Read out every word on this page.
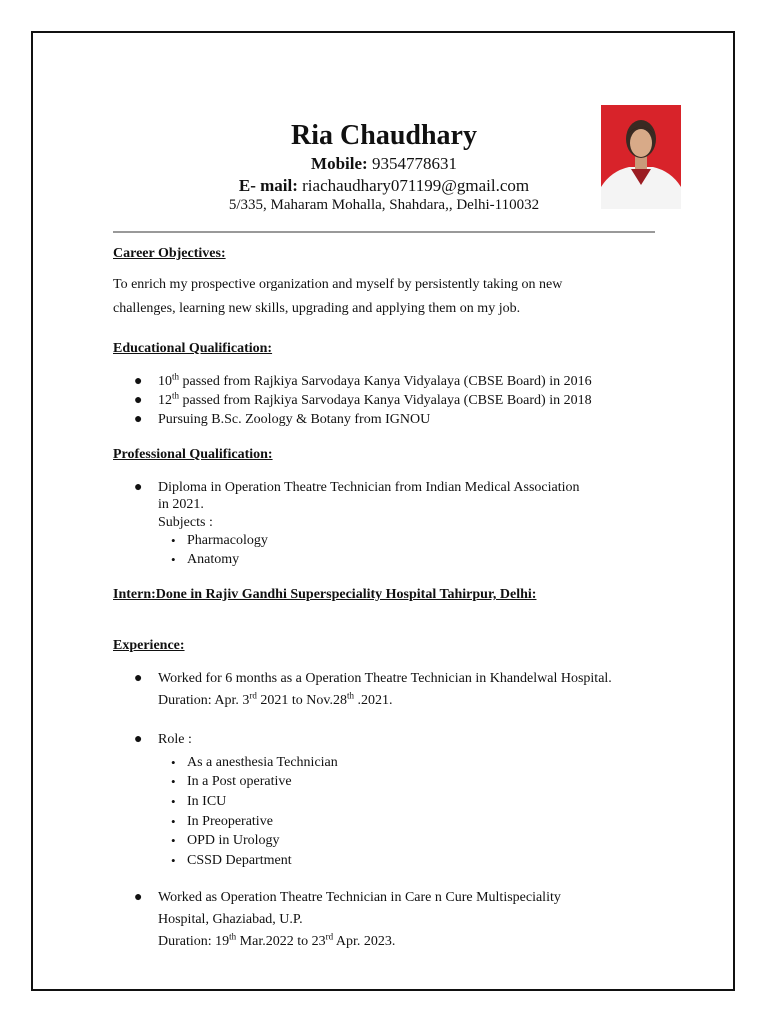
Ria Chaudhary
Mobile: 9354778631
E- mail: riachaudhary071199@gmail.com
5/335, Maharam Mohalla, Shahdara,, Delhi-110032
Career Objectives:
To enrich my prospective organization and myself by persistently taking on new
challenges, learning new skills, upgrading and applying them on my job.
Educational Qualification:
● 10th passed from Rajkiya Sarvodaya Kanya Vidyalaya (CBSE Board) in 2016
● 12th passed from Rajkiya Sarvodaya Kanya Vidyalaya (CBSE Board) in 2018
● Pursuing B.Sc. Zoology & Botany from IGNOU
Professional Qualification:
● Diploma in Operation Theatre Technician from Indian Medical Association
in 2021.
Subjects :
• Pharmacology
• Anatomy
Intern:Done in Rajiv Gandhi Superspeciality Hospital Tahirpur, Delhi:
Experience:
● Worked for 6 months as a Operation Theatre Technician in Khandelwal Hospital.
Duration: Apr. 3rd 2021 to Nov.28th .2021.
● Role :
• As a anesthesia Technician
• In a Post operative
• In ICU
• In Preoperative
• OPD in Urology
• CSSD Department
● Worked as Operation Theatre Technician in Care n Cure Multispeciality
Hospital, Ghaziabad, U.P.
Duration: 19th Mar.2022 to 23rd Apr. 2023.
